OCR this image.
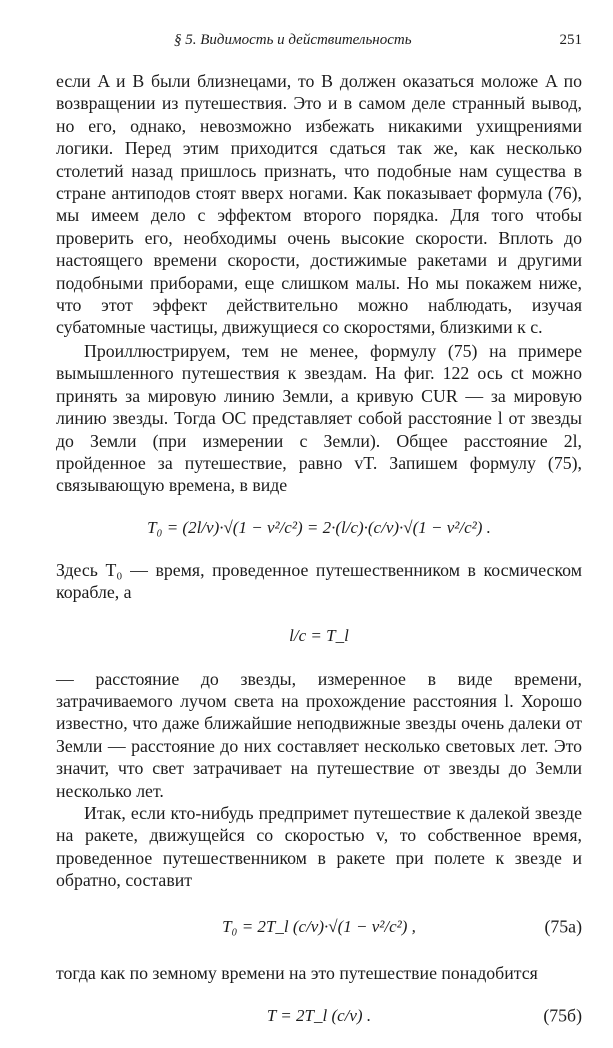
§ 5. Видимость и действительность	251

если A и B были близнецами, то B должен оказаться моложе A по возвращении из путешествия. Это и в самом деле странный вывод, но его, однако, невозможно избежать никакими ухищрениями логики. Перед этим приходится сдаться так же, как несколько столетий назад пришлось признать, что подобные нам существа в стране антиподов стоят вверх ногами. Как показывает формула (76), мы имеем дело с эффектом второго порядка. Для того чтобы проверить его, необходимы очень высокие скорости. Вплоть до настоящего времени скорости, достижимые ракетами и другими подобными приборами, еще слишком малы. Но мы покажем ниже, что этот эффект действительно можно наблюдать, изучая субатомные частицы, движущиеся со скоростями, близкими к c.

Проиллюстрируем, тем не менее, формулу (75) на примере вымышленного путешествия к звездам. На фиг. 122 ось ct можно принять за мировую линию Земли, а кривую CUR — за мировую линию звезды. Тогда OC представляет собой расстояние l от звезды до Земли (при измерении с Земли). Общее расстояние 2l, пройденное за путешествие, равно vT. Запишем формулу (75), связывающую времена, в виде

T₀ = (2l/v)·√(1 − v²/c²) = 2·(l/c)·(c/v)·√(1 − v²/c²) .

Здесь T₀ — время, проведенное путешественником в космическом корабле, а

l/c = T_l

— расстояние до звезды, измеренное в виде времени, затрачиваемого лучом света на прохождение расстояния l. Хорошо известно, что даже ближайшие неподвижные звезды очень далеки от Земли — расстояние до них составляет несколько световых лет. Это значит, что свет затрачивает на путешествие от звезды до Земли несколько лет.

Итак, если кто-нибудь предпримет путешествие к далекой звезде на ракете, движущейся со скоростью v, то собственное время, проведенное путешественником в ракете при полете к звезде и обратно, составит

T₀ = 2T_l (c/v)·√(1 − v²/c²) ,	(75a)

тогда как по земному времени на это путешествие понадобится

T = 2T_l (c/v) .	(75б)
